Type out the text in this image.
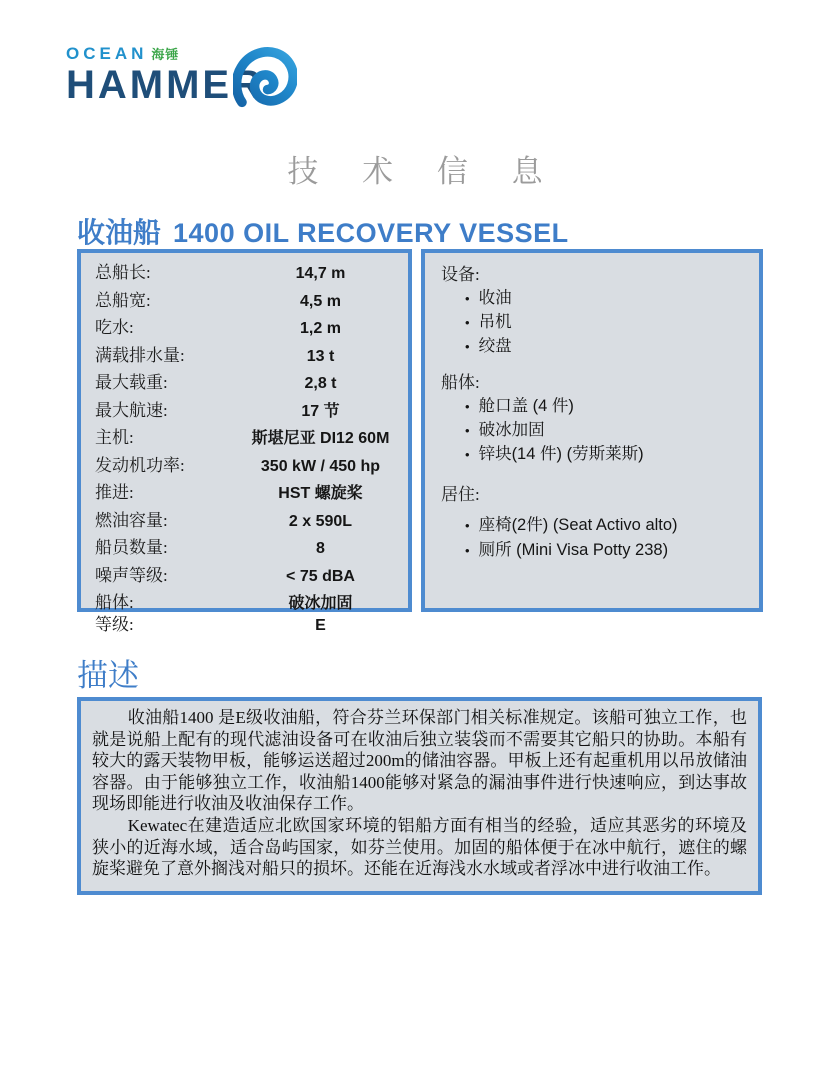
OCEAN 海锤
HAMMER
技 术 信 息
收油船 1400 OIL RECOVERY VESSEL
总船长:	14,7 m
总船宽:	4,5 m
吃水:	1,2 m
满载排水量:	13 t
最大载重:	2,8 t
最大航速:	17 节
主机:	斯堪尼亚 DI12 60M
发动机功率:	350 kW / 450 hp
推进:	HST 螺旋桨
燃油容量:	2 x 590L
船员数量:	8
噪声等级:	< 75 dBA
船体:	破冰加固
等级:	E
设备:
• 收油
• 吊机
• 绞盘
船体:
• 舱口盖 (4 件)
• 破冰加固
• 锌块(14 件) (劳斯莱斯)
居住:
• 座椅(2件) (Seat Activo alto)
• 厕所 (Mini Visa Potty 238)
描述

收油船1400 是E级收油船，符合芬兰环保部门相关标准规定。该船可独立工作，也就是说船上配有的现代滤油设备可在收油后独立装袋而不需要其它船只的协助。本船有较大的露天装物甲板，能够运送超过200m的储油容器。甲板上还有起重机用以吊放储油容器。由于能够独立工作，收油船1400能够对紧急的漏油事件进行快速响应，到达事故现场即能进行收油及收油保存工作。

Kewatec在建造适应北欧国家环境的铝船方面有相当的经验，适应其恶劣的环境及狭小的近海水域，适合岛屿国家，如芬兰使用。加固的船体便于在冰中航行，遮住的螺旋桨避免了意外搁浅对船只的损坏。还能在近海浅水水域或者浮冰中进行收油工作。
